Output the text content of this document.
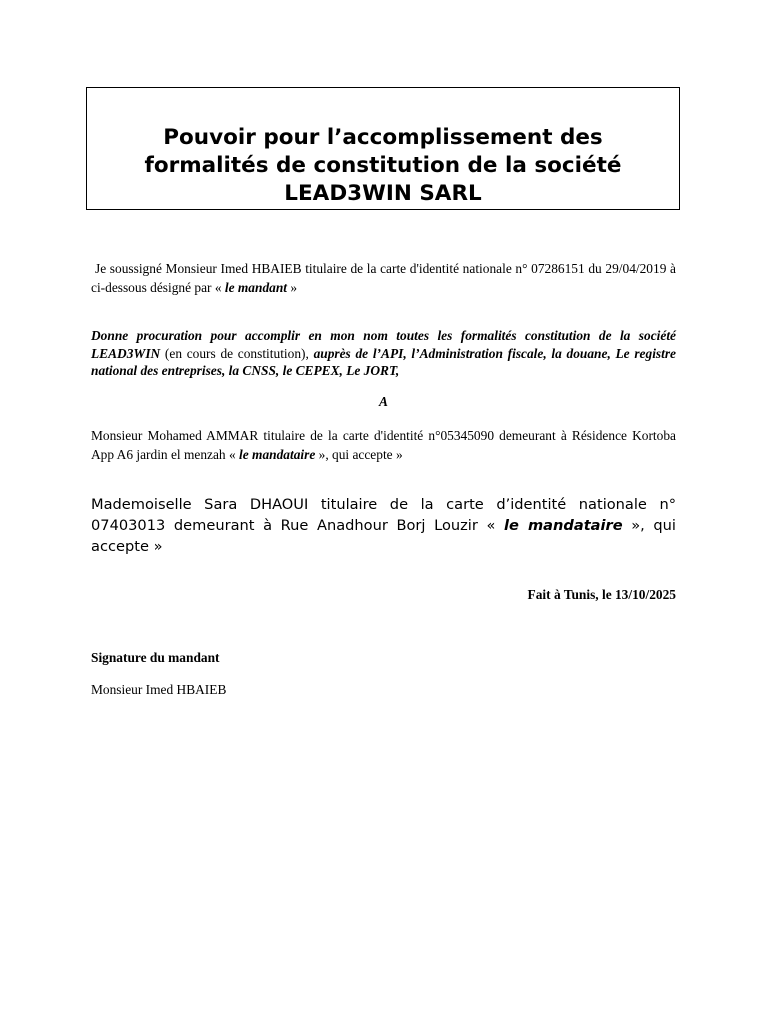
Pouvoir pour l’accomplissement des
formalités de constitution de la société
LEAD3WIN SARL
Je soussigné Monsieur Imed HBAIEB titulaire de la carte d'identité nationale n° 07286151 du 29/04/2019 à ci-dessous désigné par « le mandant »
Donne procuration pour accomplir en mon nom toutes les formalités constitution de la société LEAD3WIN (en cours de constitution), auprès de l’API, l’Administration fiscale, la douane, Le registre national des entreprises, la CNSS, le CEPEX, Le JORT,
A
Monsieur Mohamed AMMAR titulaire de la carte d'identité n°05345090 demeurant à Résidence Kortoba App A6 jardin el menzah « le mandataire », qui accepte »
Mademoiselle Sara DHAOUI titulaire de la carte d’identité nationale n° 07403013 demeurant à Rue Anadhour Borj Louzir « le mandataire », qui accepte »
Fait à Tunis, le 13/10/2025
Signature du mandant
Monsieur Imed HBAIEB
